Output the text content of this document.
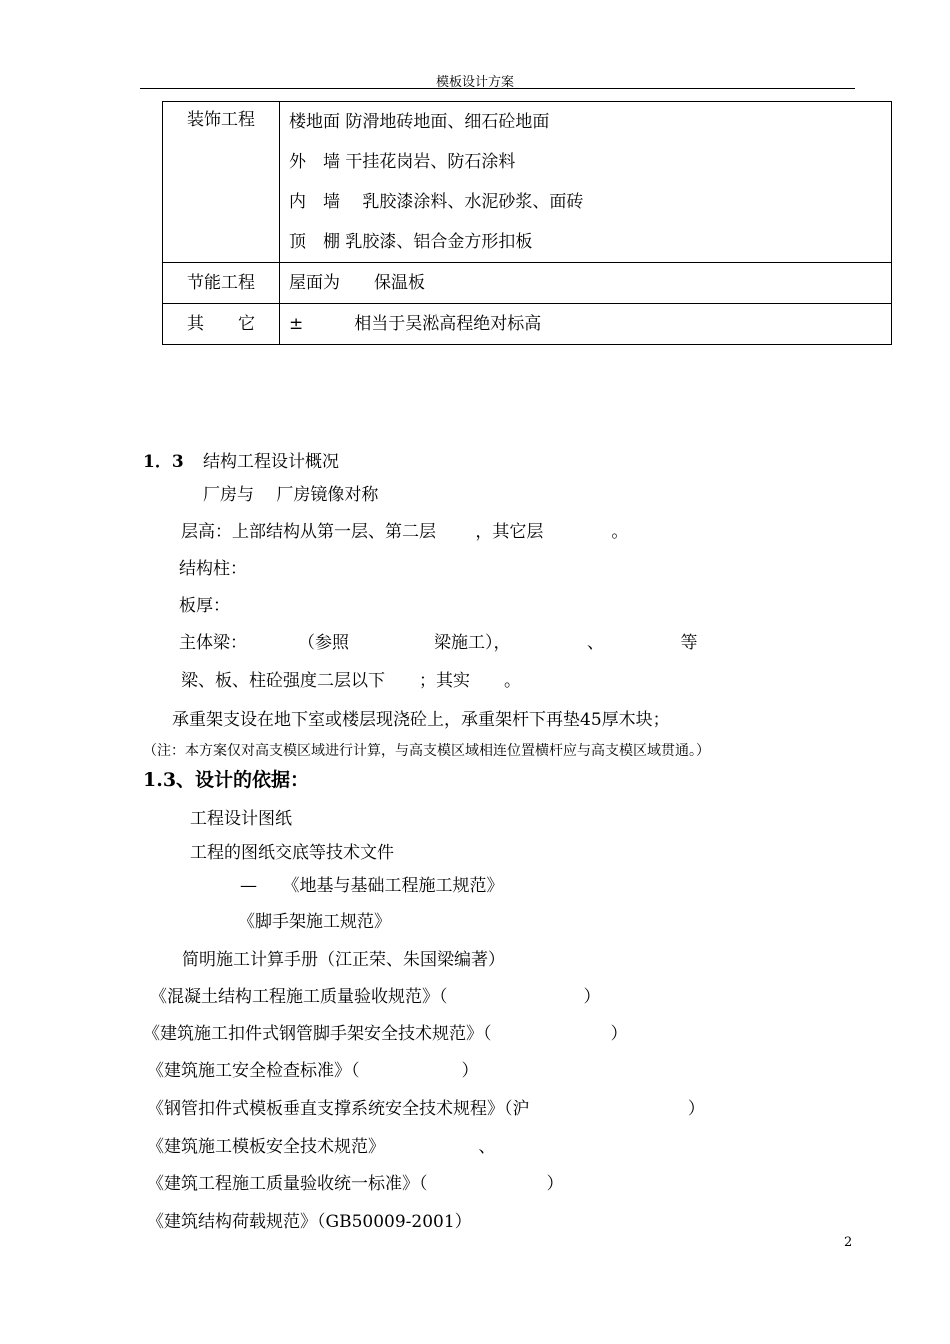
模板设计方案
装饰工程	楼地面 防滑地砖地面、细石砼地面
外　墙 干挂花岗岩、防石涂料
内　墙　 乳胶漆涂料、水泥砂浆、面砖
顶　棚 乳胶漆、铝合金方形扣板

节能工程	屋面为　　保温板

其　　它	±　　　相当于吴淞高程绝对标高
1．3 结构工程设计概况
厂房与　 厂房镜像对称
层高：上部结构从第一层、第二层　　 ，其它层　　　　。
结构柱：
板厚：
主体梁：　　　　（参照　　　　　梁施工），　　　　　、　　　　　等
梁、板、柱砼强度二层以下　　；其实　　。
承重架支设在地下室或楼层现浇砼上，承重架杆下再垫45厚木块；
（注：本方案仅对高支模区域进行计算，与高支模区域相连位置横杆应与高支模区域贯通。）
1.3、设计的依据：
工程设计图纸
工程的图纸交底等技术文件
—　　《地基与基础工程施工规范》
《脚手架施工规范》
简明施工计算手册（江正荣、朱国梁编著）
《混凝土结构工程施工质量验收规范》（　　　　　　　　）
《建筑施工扣件式钢管脚手架安全技术规范》（　　　　　　　）
《建筑施工安全检查标准》（　　　　　　）
《钢管扣件式模板垂直支撑系统安全技术规程》（沪　　　　　　　　　 ）
《建筑施工模板安全技术规范》　　　　　　、
《建筑工程施工质量验收统一标准》（　　　　　　　）
《建筑结构荷载规范》（GB50009-2001）
2
